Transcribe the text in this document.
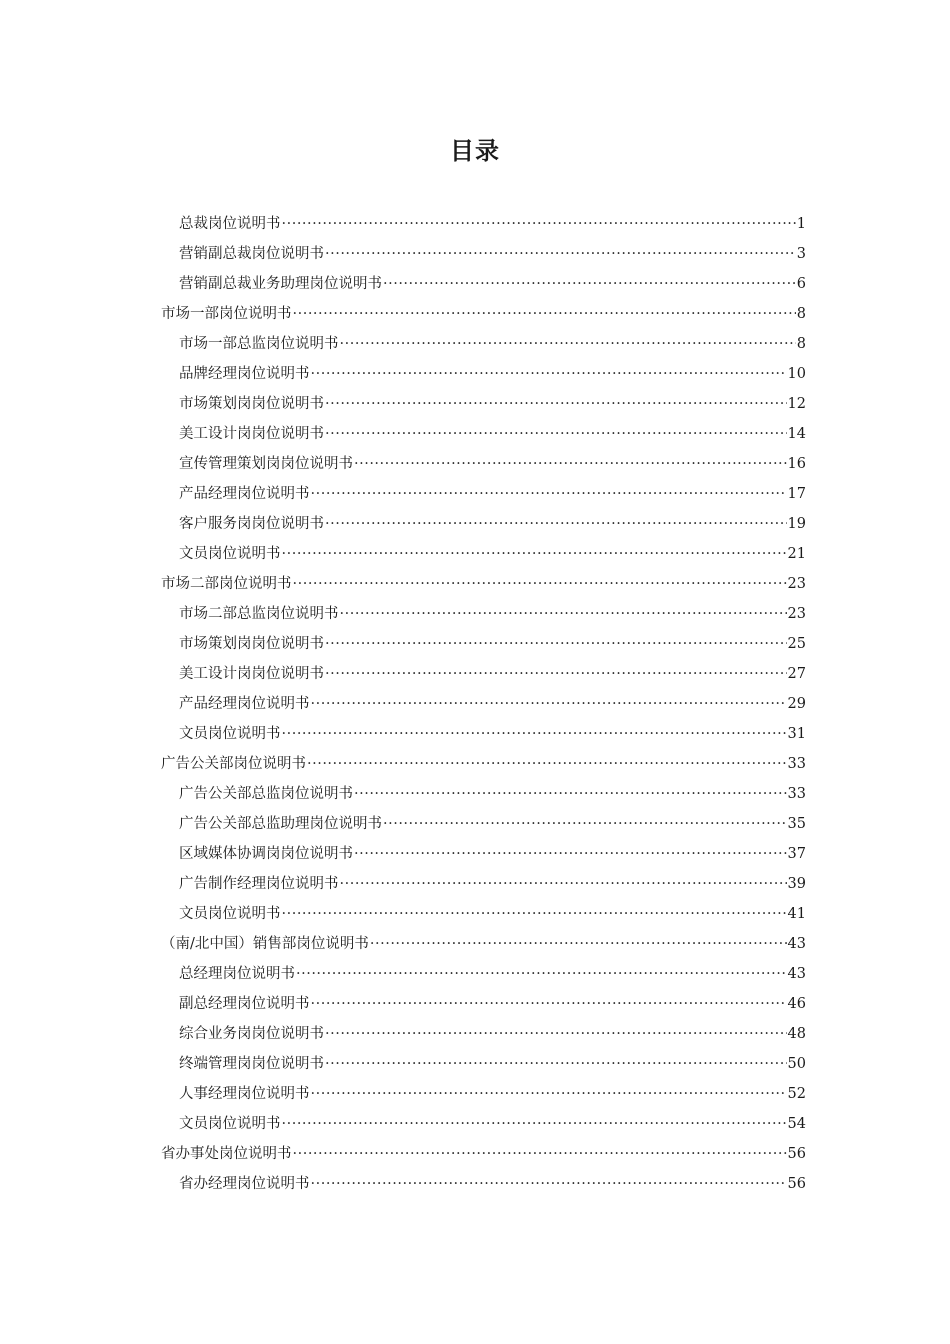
目录
总裁岗位说明书 ·····	1
营销副总裁岗位说明书 ·····	3
营销副总裁业务助理岗位说明书 ·····	6
市场一部岗位说明书 ·····	8
市场一部总监岗位说明书 ·····	8
品牌经理岗位说明书 ·····	10
市场策划岗岗位说明书 ·····	12
美工设计岗岗位说明书 ·····	14
宣传管理策划岗岗位说明书 ·····	16
产品经理岗位说明书 ·····	17
客户服务岗岗位说明书 ·····	19
文员岗位说明书 ·····	21
市场二部岗位说明书 ·····	23
市场二部总监岗位说明书 ·····	23
市场策划岗岗位说明书 ·····	25
美工设计岗岗位说明书 ·····	27
产品经理岗位说明书 ·····	29
文员岗位说明书 ·····	31
广告公关部岗位说明书 ·····	33
广告公关部总监岗位说明书 ·····	33
广告公关部总监助理岗位说明书 ·····	35
区域媒体协调岗岗位说明书 ·····	37
广告制作经理岗位说明书 ·····	39
文员岗位说明书 ·····	41
（南/北中国）销售部岗位说明书 ·····	43
总经理岗位说明书 ·····	43
副总经理岗位说明书 ·····	46
综合业务岗岗位说明书 ·····	48
终端管理岗岗位说明书 ·····	50
人事经理岗位说明书 ·····	52
文员岗位说明书 ·····	54
省办事处岗位说明书 ·····	56
省办经理岗位说明书 ·····	56
